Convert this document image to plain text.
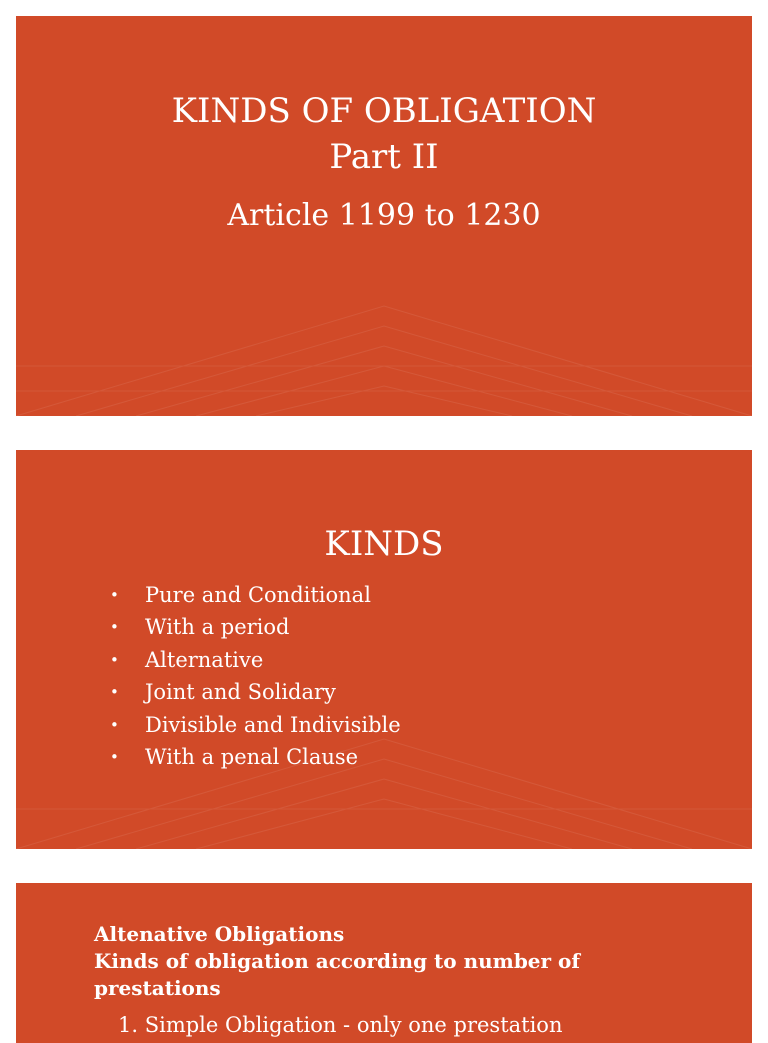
KINDS OF OBLIGATION
Part II
Article 1199 to 1230
KINDS
• Pure and Conditional
• With a period
• Alternative
• Joint and Solidary
• Divisible and Indivisible
• With a penal Clause
Altenative Obligations
Kinds of obligation according to number of prestations
1. Simple Obligation - only one prestation
